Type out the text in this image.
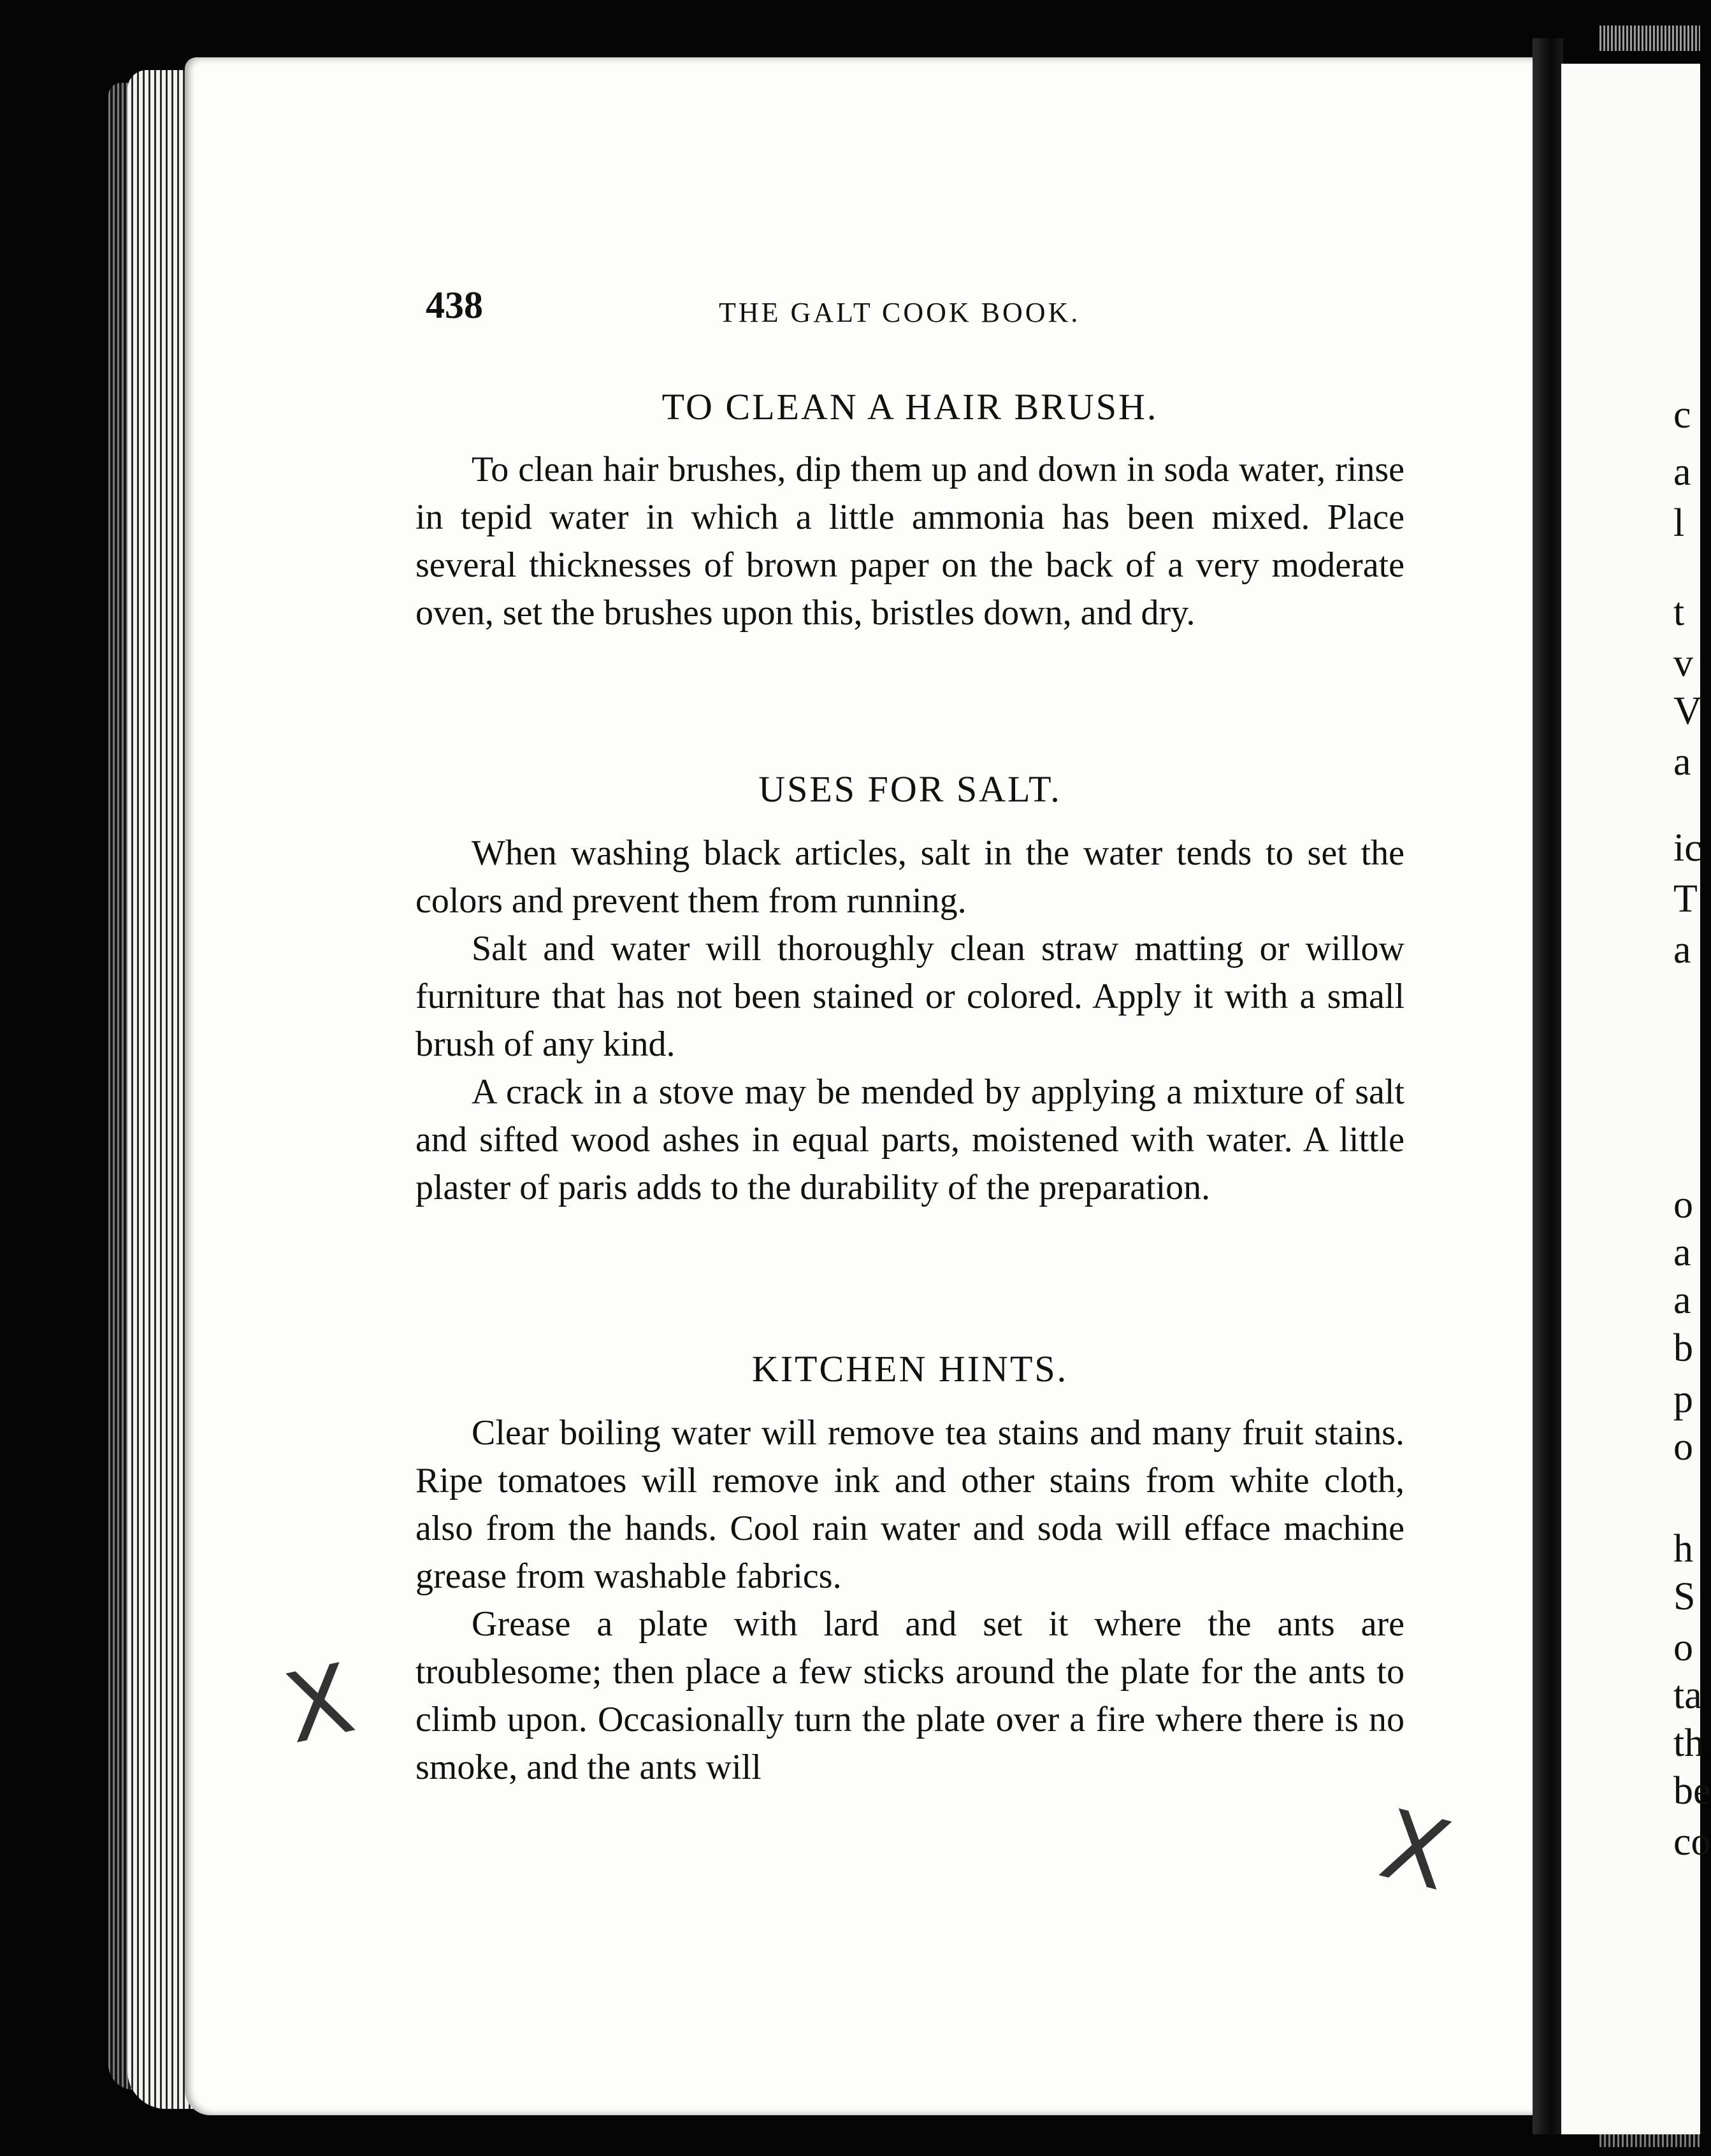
c
a
l
t
v
V
a
ic
T
a
o
a
a
b
p
o
h
S
o
ta
th
be
co
438	THE GALT COOK BOOK.
TO CLEAN A HAIR BRUSH.

To clean hair brushes, dip them up and down in soda water, rinse in tepid water in which a little ammonia has been mixed. Place several thicknesses of brown paper on the back of a very moderate oven, set the brushes upon this, bristles down, and dry.

USES FOR SALT.

When washing black articles, salt in the water tends to set the colors and prevent them from running.

Salt and water will thoroughly clean straw matting or willow furniture that has not been stained or colored. Apply it with a small brush of any kind.

A crack in a stove may be mended by applying a mixture of salt and sifted wood ashes in equal parts, moistened with water. A little plaster of paris adds to the durability of the preparation.

KITCHEN HINTS.

Clear boiling water will remove tea stains and many fruit stains. Ripe tomatoes will remove ink and other stains from white cloth, also from the hands. Cool rain water and soda will efface machine grease from washable fabrics.

Grease a plate with lard and set it where the ants are troublesome; then place a few sticks around the plate for the ants to climb upon. Occasionally turn the plate over a fire where there is no smoke, and the ants will

X
X
